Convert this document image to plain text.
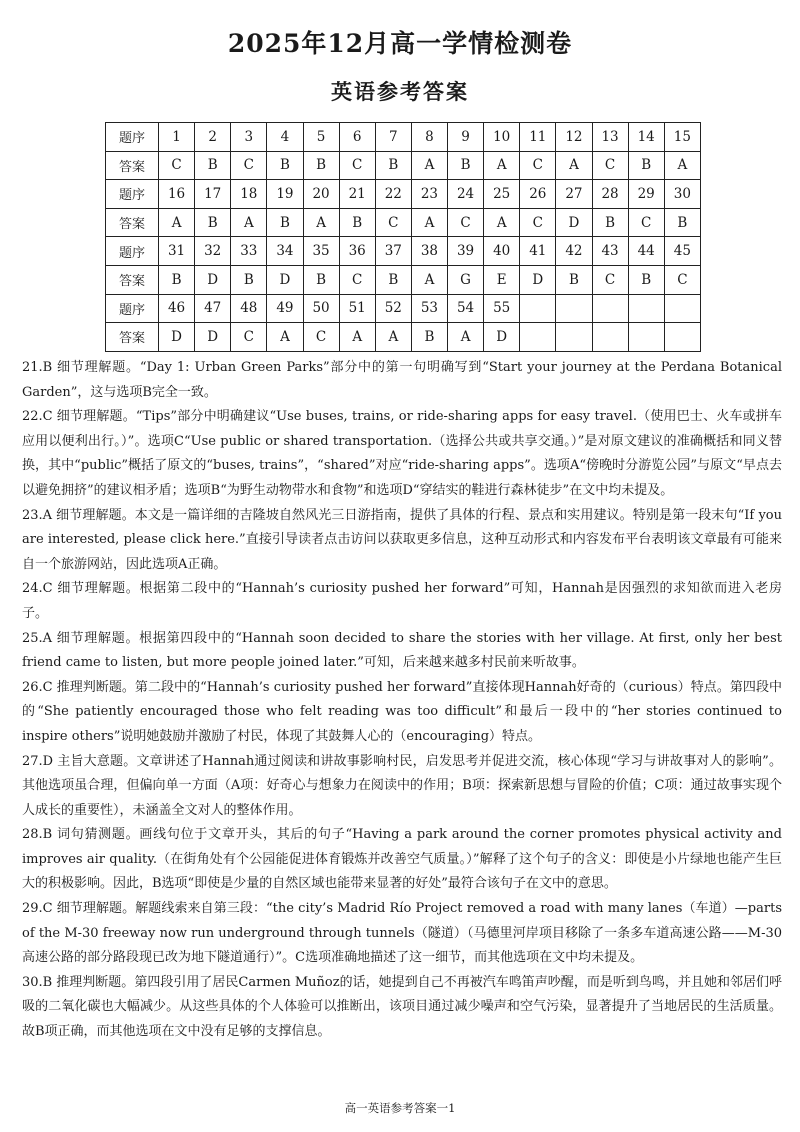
2025年12月高一学情检测卷
英语参考答案
题序	1	2	3	4	5	6	7	8	9	10	11	12	13	14	15
答案	C	B	C	B	B	C	B	A	B	A	C	A	C	B	A
题序	16	17	18	19	20	21	22	23	24	25	26	27	28	29	30
答案	A	B	A	B	A	B	C	A	C	A	C	D	B	C	B
题序	31	32	33	34	35	36	37	38	39	40	41	42	43	44	45
答案	B	D	B	D	B	C	B	A	G	E	D	B	C	B	C
题序	46	47	48	49	50	51	52	53	54	55					
答案	D	D	C	A	C	A	A	B	A	D					

21.B 细节理解题。“Day 1: Urban Green Parks”部分中的第一句明确写到“Start your journey at the Perdana Botanical Garden”，这与选项B完全一致。

22.C 细节理解题。“Tips”部分中明确建议“Use buses, trains, or ride-sharing apps for easy travel.（使用巴士、火车或拼车应用以便利出行。）”。选项C“Use public or shared transportation.（选择公共或共享交通。）”是对原文建议的准确概括和同义替换，其中“public”概括了原文的“buses, trains”，“shared”对应“ride-sharing apps”。选项A“傍晚时分游览公园”与原文“早点去以避免拥挤”的建议相矛盾；选项B“为野生动物带水和食物”和选项D“穿结实的鞋进行森林徒步”在文中均未提及。

23.A 细节理解题。本文是一篇详细的吉隆坡自然风光三日游指南，提供了具体的行程、景点和实用建议。特别是第一段末句“If you are interested, please click here.”直接引导读者点击访问以获取更多信息，这种互动形式和内容发布平台表明该文章最有可能来自一个旅游网站，因此选项A正确。

24.C 细节理解题。根据第二段中的“Hannah’s curiosity pushed her forward”可知，Hannah是因强烈的求知欲而进入老房子。

25.A 细节理解题。根据第四段中的“Hannah soon decided to share the stories with her village. At first, only her best friend came to listen, but more people joined later.”可知，后来越来越多村民前来听故事。

26.C 推理判断题。第二段中的“Hannah’s curiosity pushed her forward”直接体现Hannah好奇的（curious）特点。第四段中的“She patiently encouraged those who felt reading was too difficult”和最后一段中的“her stories continued to inspire others”说明她鼓励并激励了村民，体现了其鼓舞人心的（encouraging）特点。

27.D 主旨大意题。文章讲述了Hannah通过阅读和讲故事影响村民，启发思考并促进交流，核心体现“学习与讲故事对人的影响”。其他选项虽合理，但偏向单一方面（A项：好奇心与想象力在阅读中的作用；B项：探索新思想与冒险的价值；C项：通过故事实现个人成长的重要性），未涵盖全文对人的整体作用。

28.B 词句猜测题。画线句位于文章开头，其后的句子“Having a park around the corner promotes physical activity and improves air quality.（在街角处有个公园能促进体育锻炼并改善空气质量。）”解释了这个句子的含义：即使是小片绿地也能产生巨大的积极影响。因此，B选项“即使是少量的自然区域也能带来显著的好处”最符合该句子在文中的意思。

29.C 细节理解题。解题线索来自第三段：“the city’s Madrid Río Project removed a road with many lanes（车道）—parts of the M-30 freeway now run underground through tunnels（隧道）（马德里河岸项目移除了一条多车道高速公路——M-30高速公路的部分路段现已改为地下隧道通行）”。C选项准确地描述了这一细节，而其他选项在文中均未提及。

30.B 推理判断题。第四段引用了居民Carmen Muñoz的话，她提到自己不再被汽车鸣笛声吵醒，而是听到鸟鸣，并且她和邻居们呼吸的二氧化碳也大幅减少。从这些具体的个人体验可以推断出，该项目通过减少噪声和空气污染，显著提升了当地居民的生活质量。故B项正确，而其他选项在文中没有足够的支撑信息。

高一英语参考答案一1
